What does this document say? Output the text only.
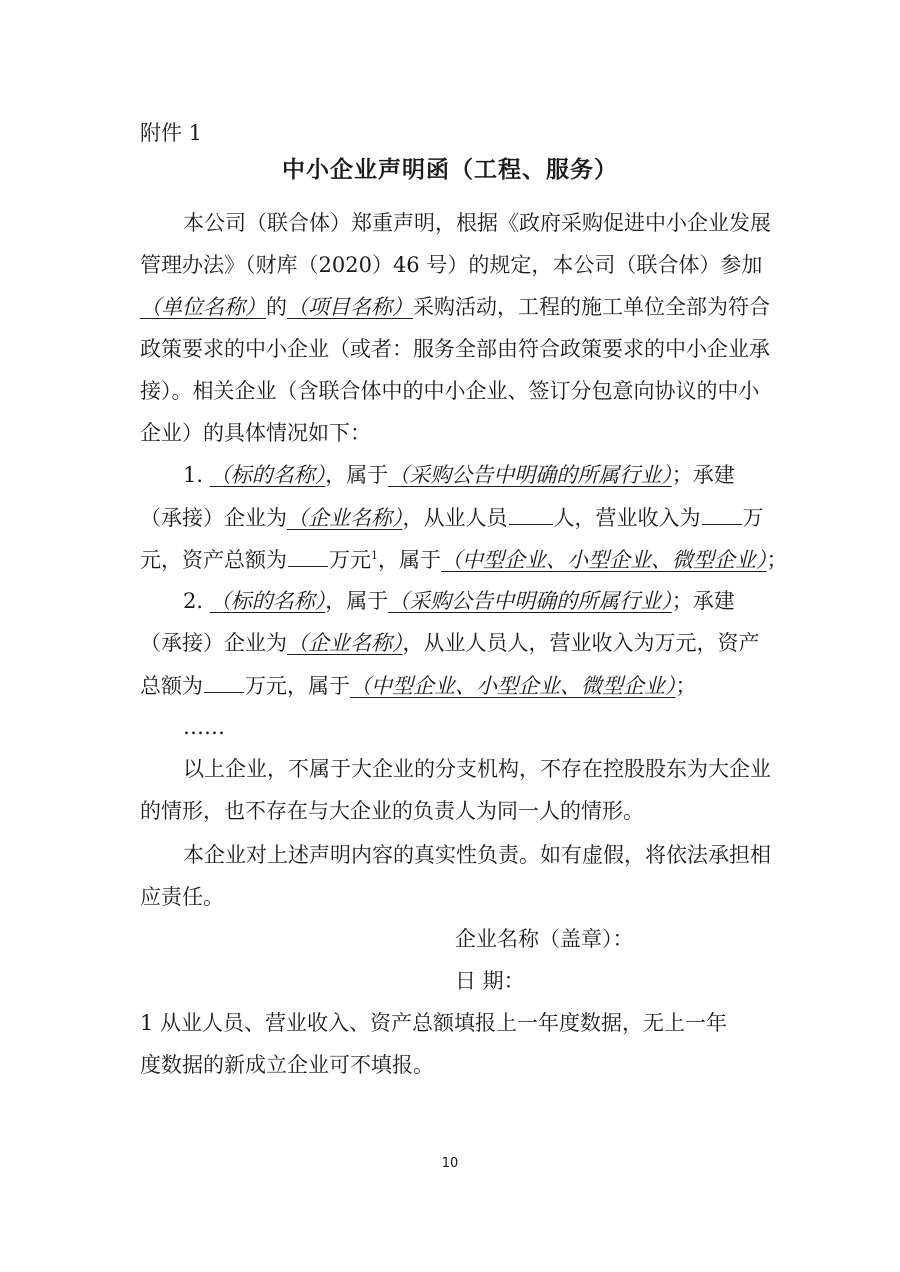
附件 1
中小企业声明函（工程、服务）
本公司（联合体）郑重声明，根据《政府采购促进中小企业发展
管理办法》（财库（2020）46 号）的规定，本公司（联合体）参加
（单位名称）的（项目名称）采购活动，工程的施工单位全部为符合
政策要求的中小企业（或者：服务全部由符合政策要求的中小企业承
接）。相关企业（含联合体中的中小企业、签订分包意向协议的中小
企业）的具体情况如下：
1. （标的名称），属于（采购公告中明确的所属行业）；承建
（承接）企业为（企业名称），从业人员 人，营业收入为 万
元，资产总额为 万元$^1$，属于（中型企业、小型企业、微型企业）；
2. （标的名称），属于（采购公告中明确的所属行业）；承建
（承接）企业为（企业名称），从业人员人，营业收入为万元，资产
总额为 万元，属于（中型企业、小型企业、微型企业）；
……
以上企业，不属于大企业的分支机构，不存在控股股东为大企业
的情形，也不存在与大企业的负责人为同一人的情形。
本企业对上述声明内容的真实性负责。如有虚假，将依法承担相
应责任。
企业名称（盖章）：
日 期：
1 从业人员、营业收入、资产总额填报上一年度数据，无上一年
度数据的新成立企业可不填报。
10
